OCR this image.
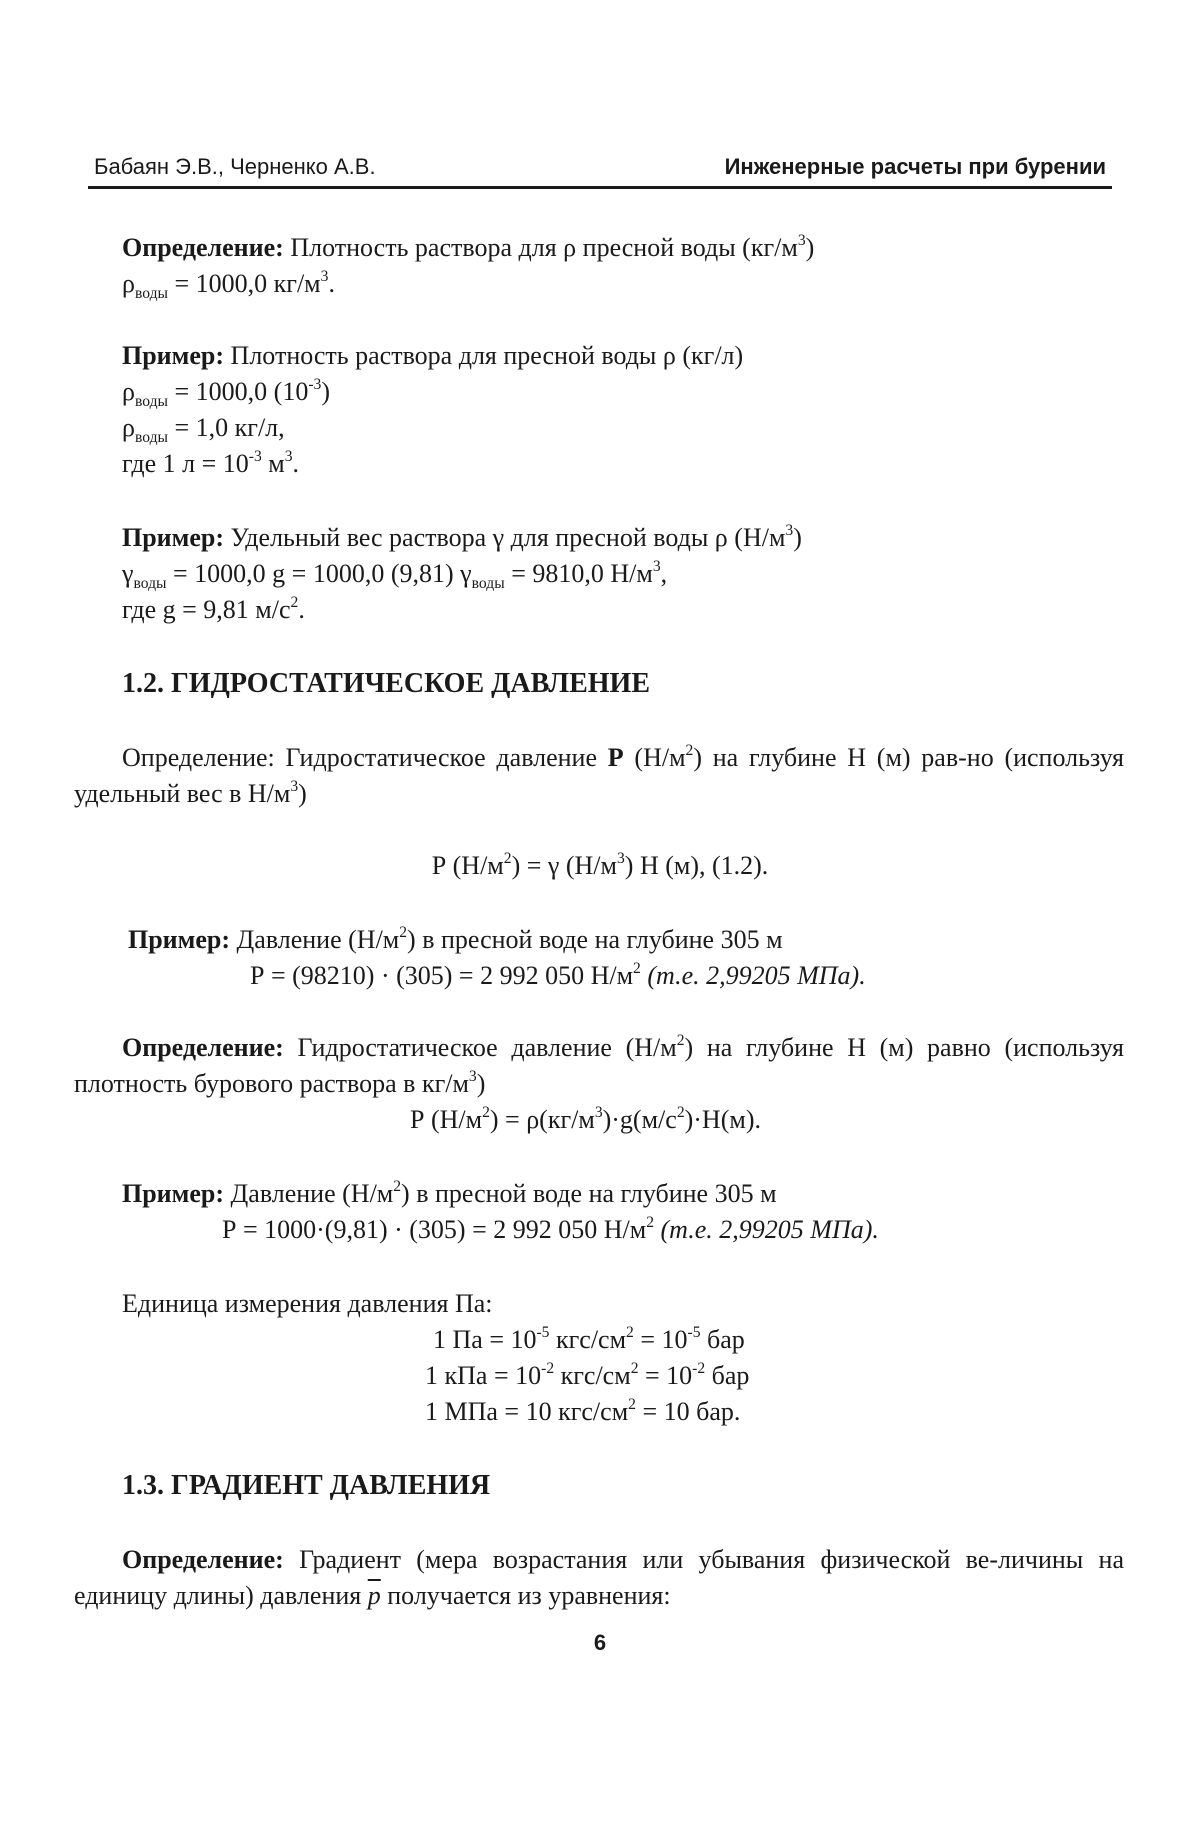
Бабаян Э.В., Черненко А.В.	Инженерные расчеты при бурении
Определение: Плотность раствора для ρ пресной воды $(кг/м^3)$
$\rho_{воды} = 1000,0$ $кг/м^3$.
Пример: Плотность раствора для пресной воды ρ (кг/л)
$\rho_{воды} = 1000,0$ $(10^{-3})$
$\rho_{воды} = 1,0$ кг/л,
где 1 $л = 10^{-3}$ $м^3$.
Пример: Удельный вес раствора γ для пресной воды ρ $(Н/м^3)$
$\gamma_{воды} = 1000,0$ g = 1000,0 (9,81) $\gamma_{воды} = 9810,0$ $Н/м^3$,
где g = 9,81 $м/с^2$.
1.2. ГИДРОСТАТИЧЕСКОЕ ДАВЛЕНИЕ
Определение: Гидростатическое давление Р $(Н/м^2)$ на глубине Н (м) рав-но (используя удельный вес в $Н/м^3$)
Р $(Н/м^2) = \gamma$ $(Н/м^3)$ Н (м), (1.2).
Пример: Давление $(Н/м^2)$ в пресной воде на глубине 305 м
Р = (98210) · (305) = 2 992 050 $Н/м^2$ (т.е. 2,99205 МПа).
Определение: Гидростатическое давление $(Н/м^2)$ на глубине Н (м) равно (используя плотность бурового раствора в $кг/м^3$)
Р $(Н/м^2) = \rho(кг/м^3)\cdot g(м/с^2)\cdot Н(м)$.
Пример: Давление $(Н/м^2)$ в пресной воде на глубине 305 м
Р = 1000·(9,81) · (305) = 2 992 050 $Н/м^2$ (т.е. 2,99205 МПа).
Единица измерения давления Па:
1 Па = $10^{-5}$ кгс/$см^2 = 10^{-5}$ бар
1 кПа = $10^{-2}$ кгс/$см^2 = 10^{-2}$ бар
1 МПа = 10 кгс/$см^2 = 10$ бар.
1.3. ГРАДИЕНТ ДАВЛЕНИЯ
Определение: Градиент (мера возрастания или убывания физической ве-личины на единицу длины) давления $\overline{p}$ получается из уравнения:
6
